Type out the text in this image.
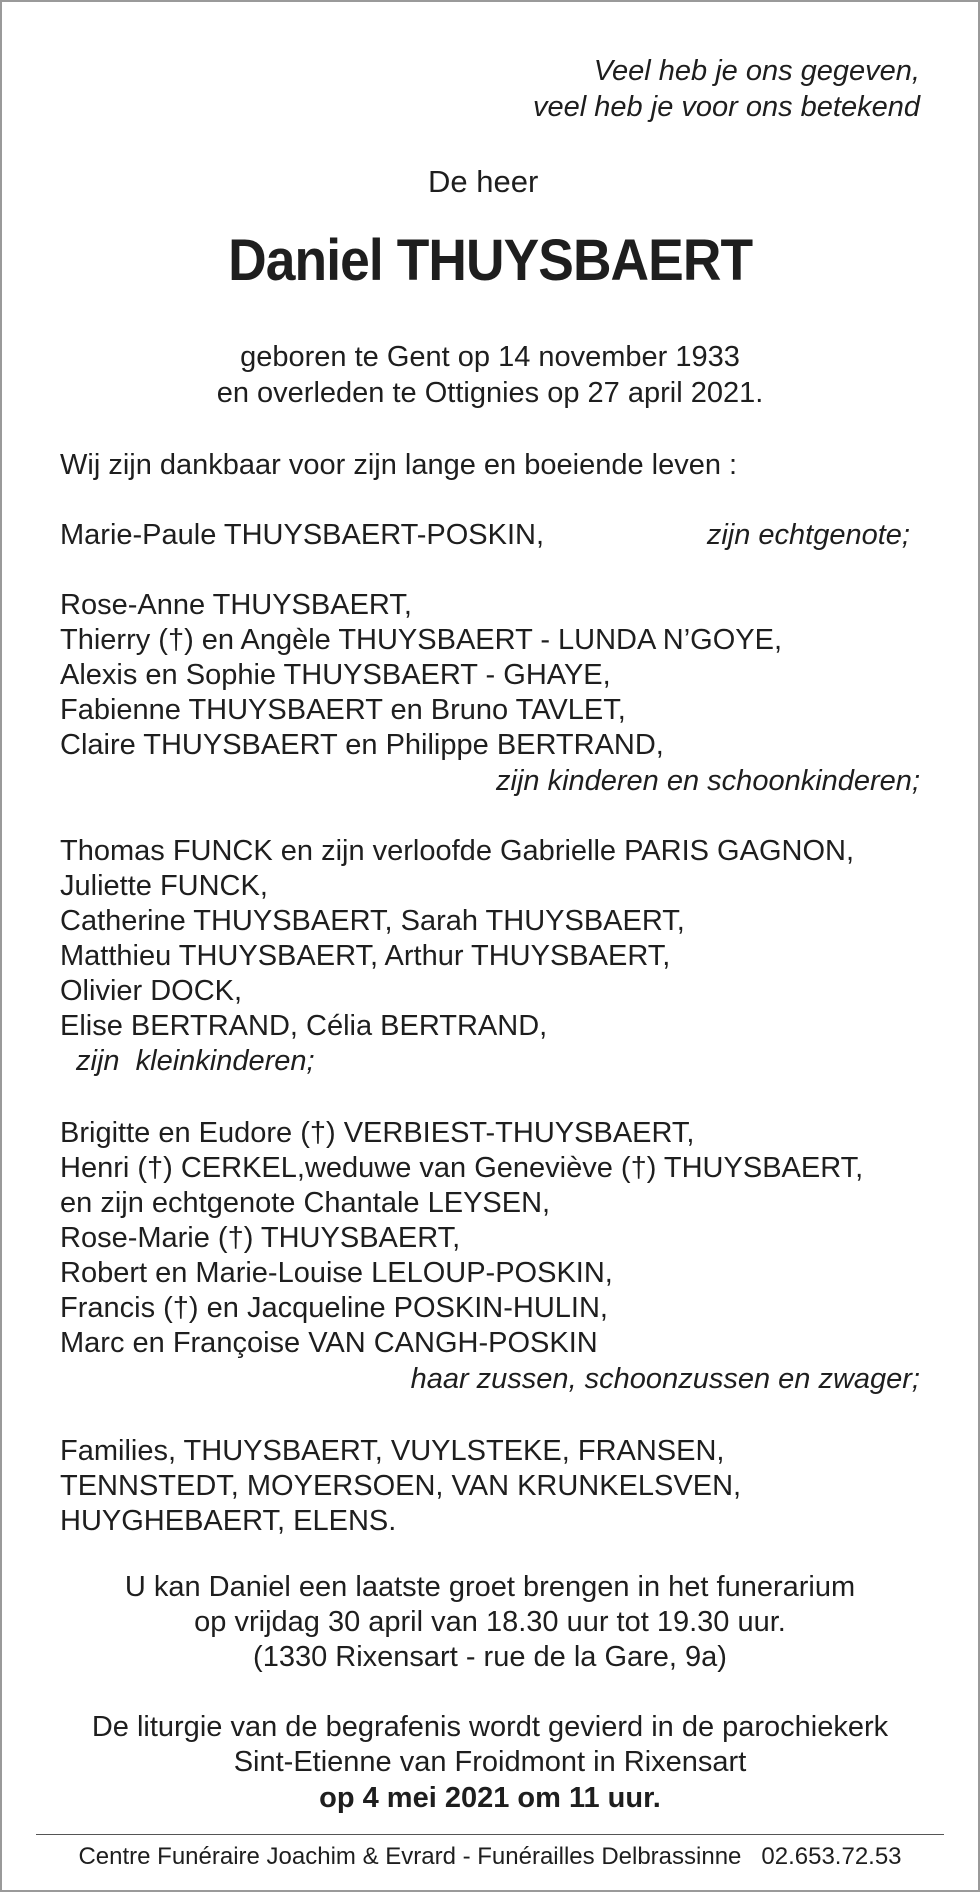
Veel heb je ons gegeven,
veel heb je voor ons betekend
De heer
Daniel THUYSBAERT
geboren te Gent op 14 november 1933
en overleden te Ottignies op 27 april 2021.
Wij zijn dankbaar voor zijn lange en boeiende leven :
Marie-Paule THUYSBAERT-POSKIN,	zijn echtgenote;
Rose-Anne THUYSBAERT,
Thierry (†) en Angèle THUYSBAERT - LUNDA N’GOYE,
Alexis en Sophie THUYSBAERT - GHAYE,
Fabienne THUYSBAERT en Bruno TAVLET,
Claire THUYSBAERT en Philippe BERTRAND,
zijn kinderen en schoonkinderen;
Thomas FUNCK en zijn verloofde Gabrielle PARIS GAGNON,
Juliette FUNCK,
Catherine THUYSBAERT, Sarah THUYSBAERT,
Matthieu THUYSBAERT, Arthur THUYSBAERT,
Olivier DOCK,
Elise BERTRAND, Célia BERTRAND,
zijn  kleinkinderen;
Brigitte en Eudore (†) VERBIEST-THUYSBAERT,
Henri (†) CERKEL,weduwe van Geneviève (†) THUYSBAERT,
en zijn echtgenote Chantale LEYSEN,
Rose-Marie (†) THUYSBAERT,
Robert en Marie-Louise LELOUP-POSKIN,
Francis (†) en Jacqueline POSKIN-HULIN,
Marc en Françoise VAN CANGH-POSKIN
haar zussen, schoonzussen en zwager;
Families, THUYSBAERT, VUYLSTEKE, FRANSEN,
TENNSTEDT, MOYERSOEN, VAN KRUNKELSVEN,
HUYGHEBAERT, ELENS.
U kan Daniel een laatste groet brengen in het funerarium
op vrijdag 30 april van 18.30 uur tot 19.30 uur.
(1330 Rixensart - rue de la Gare, 9a)
De liturgie van de begrafenis wordt gevierd in de parochiekerk
Sint-Etienne van Froidmont in Rixensart
op 4 mei 2021 om 11 uur.
Centre Funéraire Joachim & Evrard - Funérailles Delbrassinne   02.653.72.53
